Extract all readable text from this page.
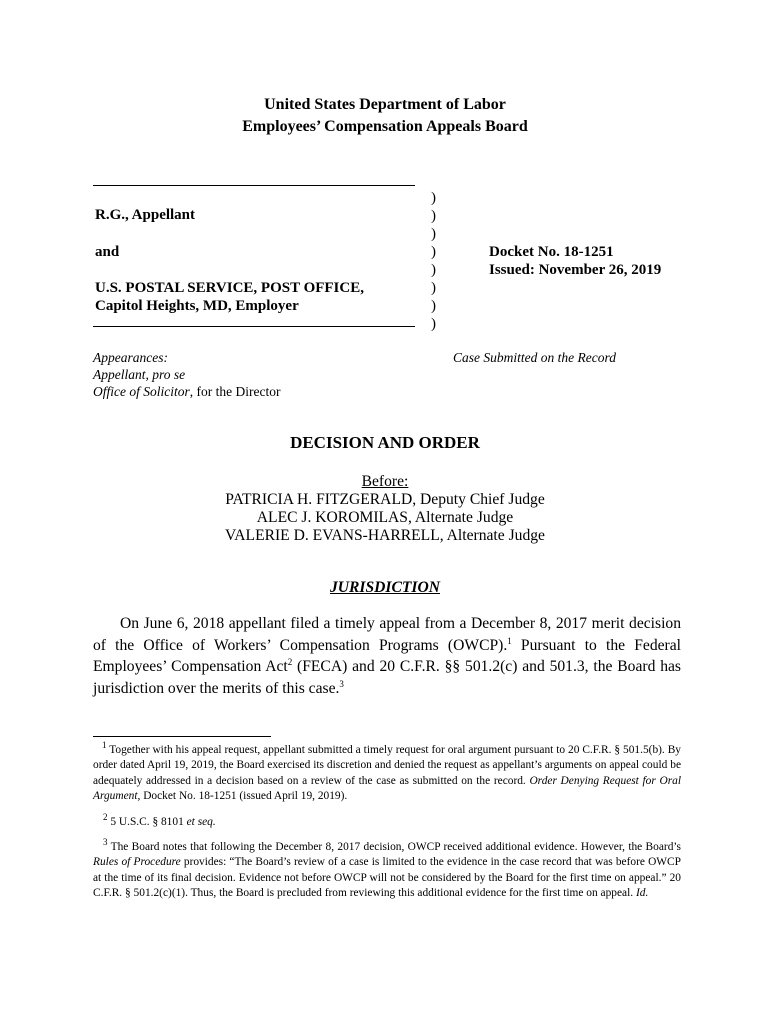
United States Department of Labor
Employees’ Compensation Appeals Board
R.G., Appellant
and
U.S. POSTAL SERVICE, POST OFFICE,
Capitol Heights, MD, Employer
)
)
)
)
)
)
)
)
Docket No. 18-1251
Issued: November 26, 2019
Appearances:
Appellant, pro se
Office of Solicitor, for the Director
Case Submitted on the Record
DECISION AND ORDER
Before:
PATRICIA H. FITZGERALD, Deputy Chief Judge
ALEC J. KOROMILAS, Alternate Judge
VALERIE D. EVANS-HARRELL, Alternate Judge
JURISDICTION
On June 6, 2018 appellant filed a timely appeal from a December 8, 2017 merit decision of the Office of Workers’ Compensation Programs (OWCP).$^1$ Pursuant to the Federal Employees’ Compensation Act$^2$ (FECA) and 20 C.F.R. §§ 501.2(c) and 501.3, the Board has jurisdiction over the merits of this case.$^3$
$^1$ Together with his appeal request, appellant submitted a timely request for oral argument pursuant to 20 C.F.R. § 501.5(b). By order dated April 19, 2019, the Board exercised its discretion and denied the request as appellant’s arguments on appeal could be adequately addressed in a decision based on a review of the case as submitted on the record. Order Denying Request for Oral Argument, Docket No. 18-1251 (issued April 19, 2019).
$^2$ 5 U.S.C. § 8101 et seq.
$^3$ The Board notes that following the December 8, 2017 decision, OWCP received additional evidence. However, the Board’s Rules of Procedure provides: “The Board’s review of a case is limited to the evidence in the case record that was before OWCP at the time of its final decision. Evidence not before OWCP will not be considered by the Board for the first time on appeal.” 20 C.F.R. § 501.2(c)(1). Thus, the Board is precluded from reviewing this additional evidence for the first time on appeal. Id.
